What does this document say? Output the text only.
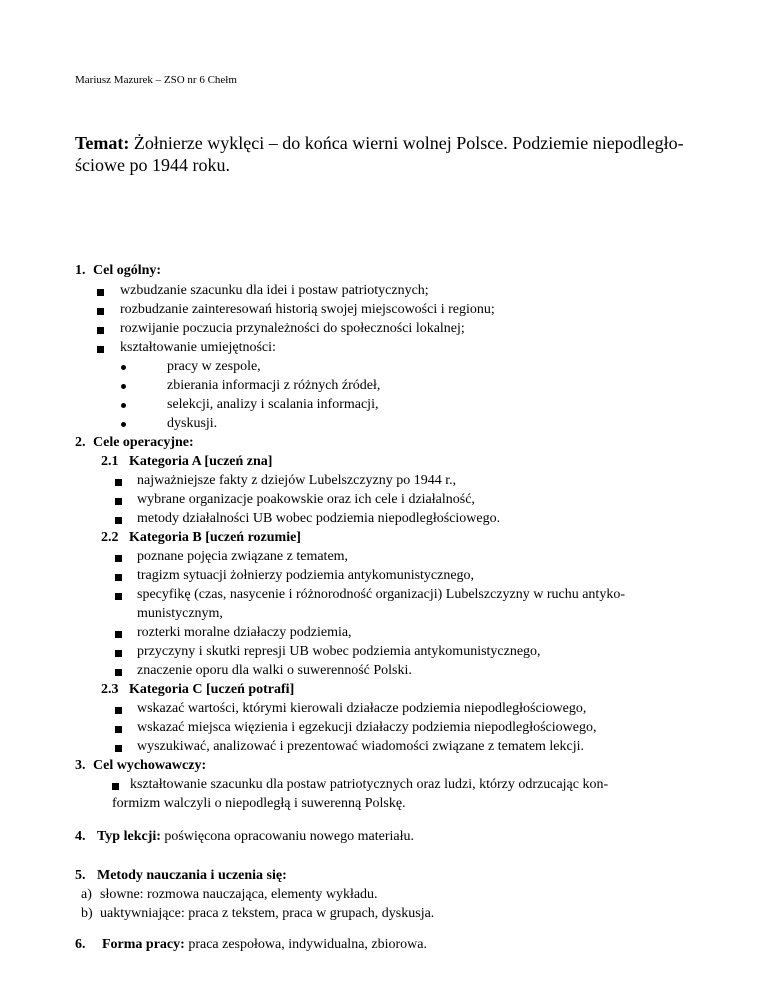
Mariusz Mazurek – ZSO nr 6 Chełm
Temat: Żołnierze wyklęci – do końca wierni wolnej Polsce. Podziemie niepodległo-
ściowe po 1944 roku.
1. Cel ogólny:
wzbudzanie szacunku dla idei i postaw patriotycznych;
rozbudzanie zainteresowań historią swojej miejscowości i regionu;
rozwijanie poczucia przynależności do społeczności lokalnej;
kształtowanie umiejętności:
pracy w zespole,
zbierania informacji z różnych źródeł,
selekcji, analizy i scalania informacji,
dyskusji.
2. Cele operacyjne:
2.1 Kategoria A [uczeń zna]
najważniejsze fakty z dziejów Lubelszczyzny po 1944 r.,
wybrane organizacje poakowskie oraz ich cele i działalność,
metody działalności UB wobec podziemia niepodległościowego.
2.2 Kategoria B [uczeń rozumie]
poznane pojęcia związane z tematem,
tragizm sytuacji żołnierzy podziemia antykomunistycznego,
specyfikę (czas, nasycenie i różnorodność organizacji) Lubelszczyzny w ruchu antyko-
munistycznym,
rozterki moralne działaczy podziemia,
przyczyny i skutki represji UB wobec podziemia antykomunistycznego,
znaczenie oporu dla walki o suwerenność Polski.
2.3 Kategoria C [uczeń potrafi]
wskazać wartości, którymi kierowali działacze podziemia niepodległościowego,
wskazać miejsca więzienia i egzekucji działaczy podziemia niepodległościowego,
wyszukiwać, analizować i prezentować wiadomości związane z tematem lekcji.
3. Cel wychowawczy:
kształtowanie szacunku dla postaw patriotycznych oraz ludzi, którzy odrzucając kon-
formizm walczyli o niepodległą i suwerenną Polskę.
4. Typ lekcji: poświęcona opracowaniu nowego materiału.
5. Metody nauczania i uczenia się:
a) słowne: rozmowa nauczająca, elementy wykładu.
b) uaktywniające: praca z tekstem, praca w grupach, dyskusja.
6. Forma pracy: praca zespołowa, indywidualna, zbiorowa.
